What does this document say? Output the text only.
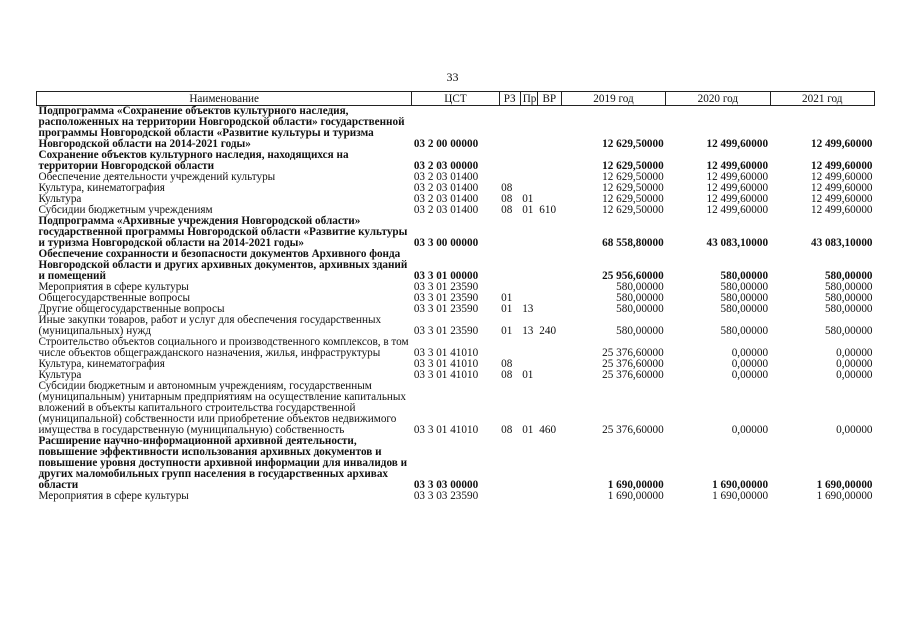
33
Наименование	ЦСТ	РЗ	Пр	ВР	2019 год	2020 год	2021 год
Подпрограмма «Сохранение объектов культурного наследия, расположенных на территории Новгородской области» государственной программы Новгородской области «Развитие культуры и туризма Новгородской области на 2014-2021 годы»	03 2 00 00000				12 629,50000	12 499,60000	12 499,60000
Сохранение объектов культурного наследия, находящихся на территории Новгородской области	03 2 03 00000				12 629,50000	12 499,60000	12 499,60000
Обеспечение деятельности учреждений культуры	03 2 03 01400				12 629,50000	12 499,60000	12 499,60000
Культура, кинематография	03 2 03 01400	08			12 629,50000	12 499,60000	12 499,60000
Культура	03 2 03 01400	08	01		12 629,50000	12 499,60000	12 499,60000
Субсидии бюджетным учреждениям	03 2 03 01400	08	01	610	12 629,50000	12 499,60000	12 499,60000
Подпрограмма «Архивные учреждения Новгородской области» государственной программы Новгородской области «Развитие культуры и туризма Новгородской области на 2014-2021 годы»	03 3 00 00000				68 558,80000	43 083,10000	43 083,10000
Обеспечение сохранности и безопасности документов Архивного фонда Новгородской области и других архивных документов, архивных зданий и помещений	03 3 01 00000				25 956,60000	580,00000	580,00000
Мероприятия в сфере культуры	03 3 01 23590				580,00000	580,00000	580,00000
Общегосударственные вопросы	03 3 01 23590	01			580,00000	580,00000	580,00000
Другие общегосударственные вопросы	03 3 01 23590	01	13		580,00000	580,00000	580,00000
Иные закупки товаров, работ и услуг для обеспечения государственных (муниципальных) нужд	03 3 01 23590	01	13	240	580,00000	580,00000	580,00000
Строительство объектов социального и производственного комплексов, в том числе объектов общегражданского назначения, жилья, инфраструктуры	03 3 01 41010				25 376,60000	0,00000	0,00000
Культура, кинематография	03 3 01 41010	08			25 376,60000	0,00000	0,00000
Культура	03 3 01 41010	08	01		25 376,60000	0,00000	0,00000
Субсидии бюджетным и автономным учреждениям, государственным (муниципальным) унитарным предприятиям на осуществление капитальных вложений в объекты капитального строительства государственной (муниципальной) собственности или приобретение объектов недвижимого имущества в государственную (муниципальную) собственность	03 3 01 41010	08	01	460	25 376,60000	0,00000	0,00000
Расширение научно-информационной архивной деятельности, повышение эффективности использования архивных документов и повышение уровня доступности архивной информации для инвалидов и других маломобильных групп населения в государственных архивах области	03 3 03 00000				1 690,00000	1 690,00000	1 690,00000
Мероприятия в сфере культуры	03 3 03 23590				1 690,00000	1 690,00000	1 690,00000
